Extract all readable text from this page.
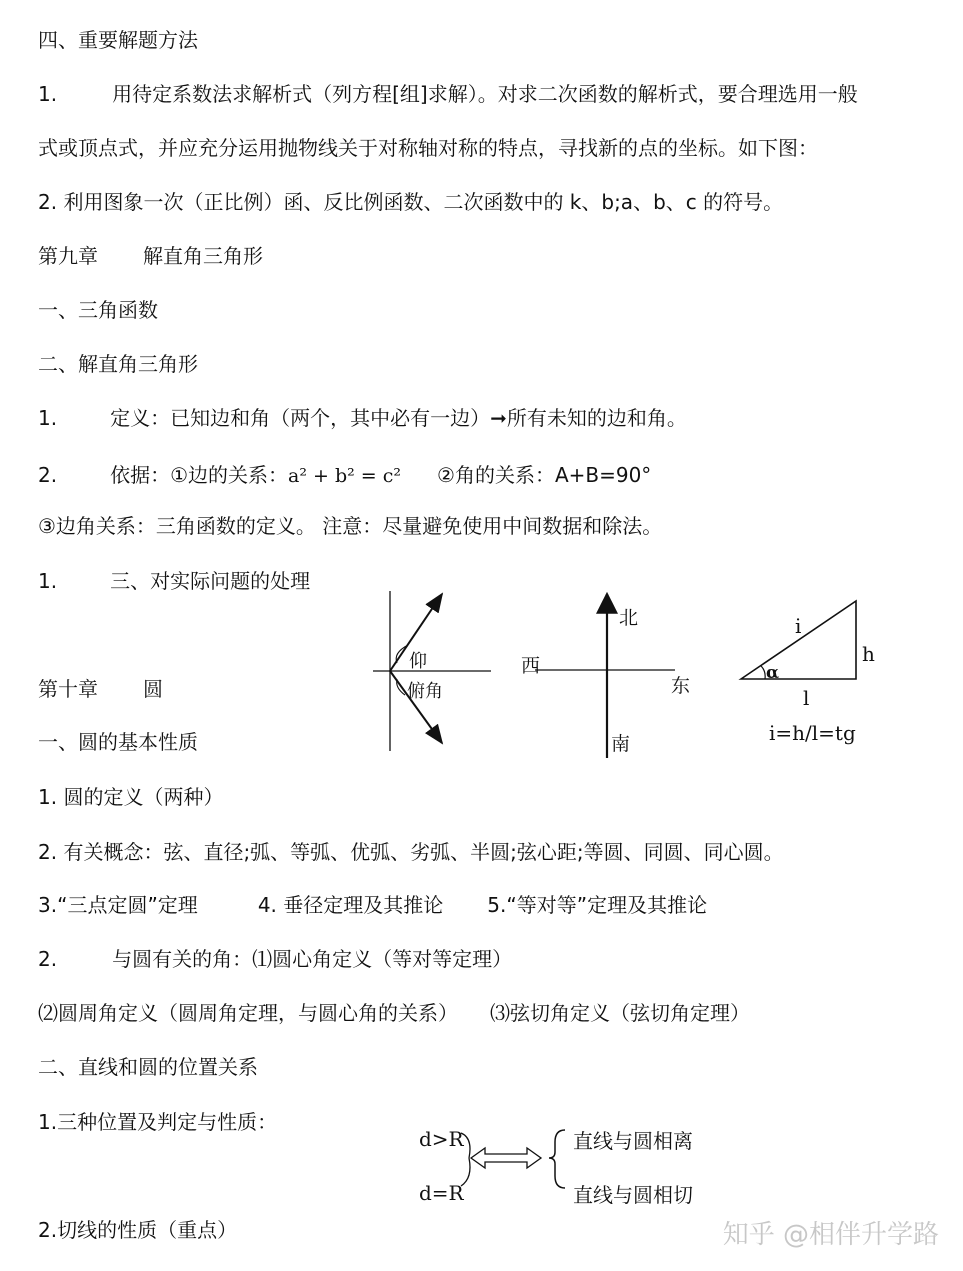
四、重要解题方法
1.	用待定系数法求解析式（列方程[组]求解）。对求二次函数的解析式，要合理选用一般
式或顶点式，并应充分运用抛物线关于对称轴对称的特点，寻找新的点的坐标。如下图：
2. 利用图象一次（正比例）函、反比例函数、二次函数中的 k、b;a、b、c 的符号。
第九章 解直角三角形
一、三角函数
二、解直角三角形
1.	定义：已知边和角（两个，其中必有一边）➞所有未知的边和角。
2.	依据：①边的关系：a² + b² = c² ②角的关系：A+B=90°
③边角关系：三角函数的定义。 注意：尽量避免使用中间数据和除法。
1.	三、对实际问题的处理
第十章 圆
一、圆的基本性质
1. 圆的定义（两种）
2. 有关概念：弦、直径;弧、等弧、优弧、劣弧、半圆;弦心距;等圆、同圆、同心圆。
3.“三点定圆”定理	4. 垂径定理及其推论 5.“等对等”定理及其推论
2.	与圆有关的角：⑴圆心角定义（等对等定理）
⑵圆周角定义（圆周角定理，与圆心角的关系） ⑶弦切角定义（弦切角定理）
二、直线和圆的位置关系
1.三种位置及判定与性质：
2.切线的性质（重点）
仰
俯角
北
南
西
东
i
h
l
α
i=h/l=tg
d>R
d=R
直线与圆相离
直线与圆相切
知乎 @相伴升学路
